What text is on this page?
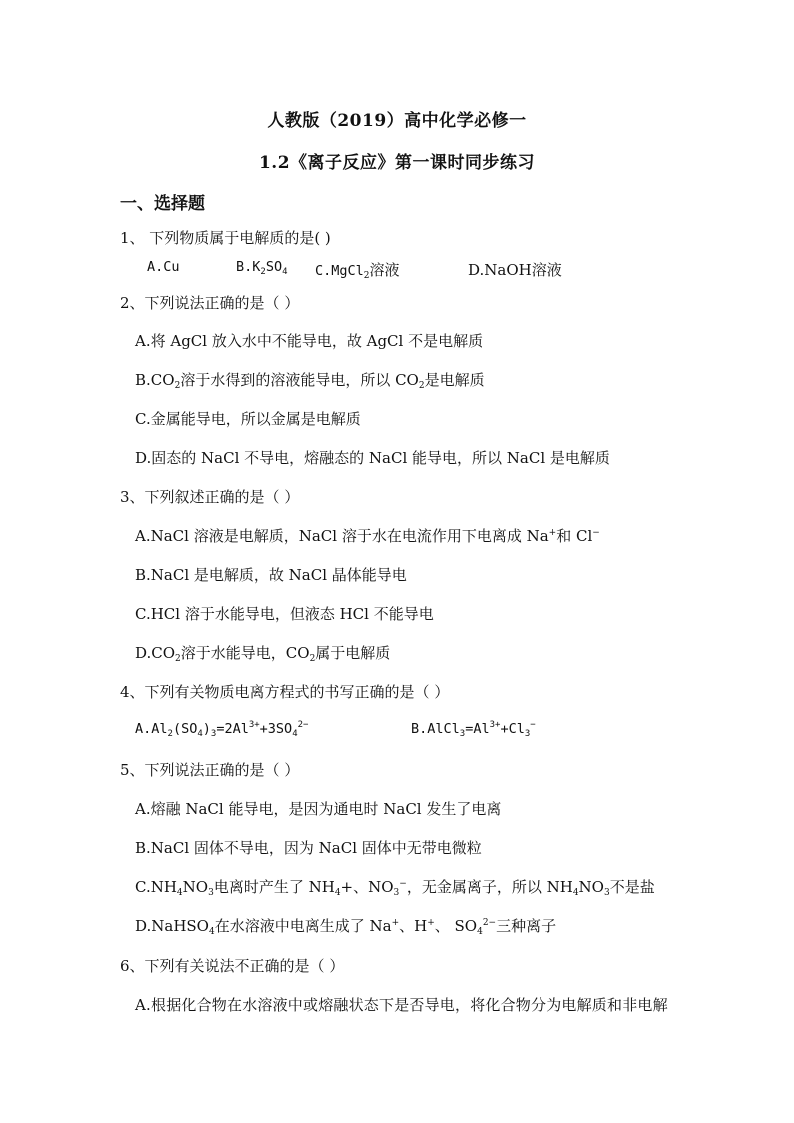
人教版（2019）高中化学必修一
1.2《离子反应》第一课时同步练习
一、选择题
1、 下列物质属于电解质的是( )
A.Cu	$B.K_2SO_4$ C.MgCl$_2$溶液	D.NaOH溶液
2、下列说法正确的是（ ）
A.将 AgCl 放入水中不能导电，故 AgCl 不是电解质
$B.CO_2$溶于水得到的溶液能导电，所以 $CO_2$是电解质
C.金属能导电，所以金属是电解质
D.固态的 NaCl 不导电，熔融态的 NaCl 能导电，所以 NaCl 是电解质
3、下列叙述正确的是（ ）
A.NaCl 溶液是电解质，NaCl 溶于水在电流作用下电离成 Na+和 Cl−
B.NaCl 是电解质，故 NaCl 晶体能导电
C.HCl 溶于水能导电，但液态 HCl 不能导电
$D.CO_2$溶于水能导电，$CO_2$属于电解质
4、下列有关物质电离方程式的书写正确的是（ ）
$A.Al_2(SO_4)_3=2Al^{3+}+3SO_4^{2-}$	$B.AlCl_3=Al^{3+}+Cl_3^-$
5、下列说法正确的是（ ）
A.熔融 NaCl 能导电，是因为通电时 NaCl 发生了电离
B.NaCl 固体不导电，因为 NaCl 固体中无带电微粒
$C.NH_4NO_3$电离时产生了 $NH_4+$、$NO_3^-$，无金属离子，所以 $NH_4NO_3$不是盐
D.NaHSO$_4$在水溶液中电离生成了 Na+、H+、 $SO_4^{2-}$三种离子
6、下列有关说法不正确的是（ ）
A.根据化合物在水溶液中或熔融状态下是否导电，将化合物分为电解质和非电解
